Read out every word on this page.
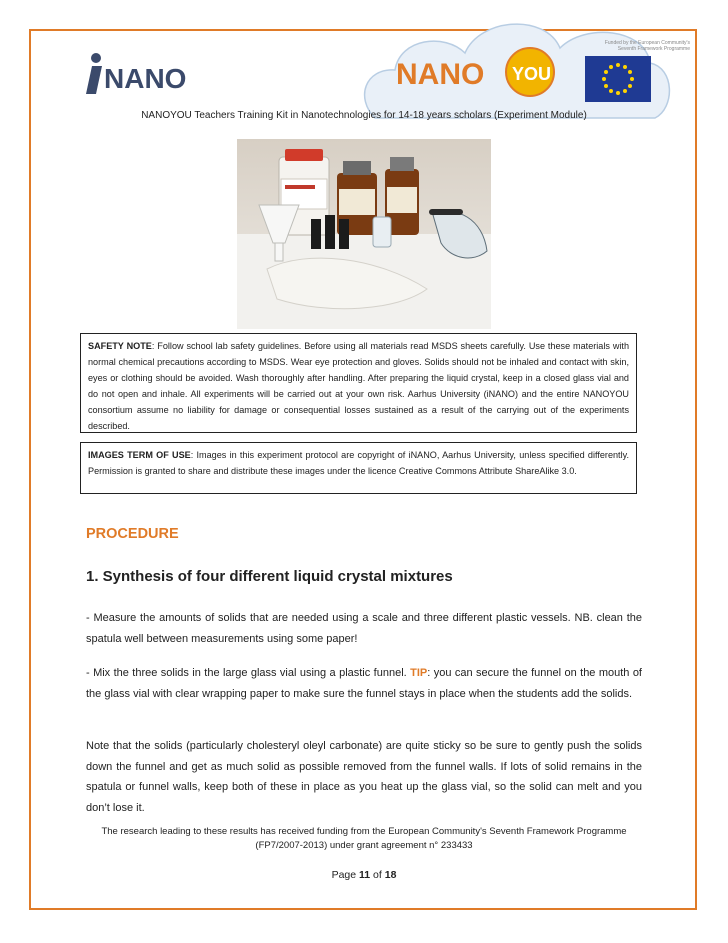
NANO	NANO YOU
Funded by the European Community's
Seventh Framework Programme
NANOYOU Teachers Training Kit in Nanotechnologies for 14-18 years scholars (Experiment Module)
SAFETY NOTE: Follow school lab safety guidelines. Before using all materials read MSDS sheets carefully. Use these materials with normal chemical precautions according to MSDS. Wear eye protection and gloves. Solids should not be inhaled and contact with skin, eyes or clothing should be avoided. Wash thoroughly after handling. After preparing the liquid crystal, keep in a closed glass vial and do not open and inhale. All experiments will be carried out at your own risk. Aarhus University (iNANO) and the entire NANOYOU consortium assume no liability for damage or consequential losses sustained as a result of the carrying out of the experiments described.
IMAGES TERM OF USE: Images in this experiment protocol are copyright of iNANO, Aarhus University, unless specified differently. Permission is granted to share and distribute these images under the licence Creative Commons Attribute ShareAlike 3.0.
PROCEDURE
1. Synthesis of four different liquid crystal mixtures
- Measure the amounts of solids that are needed using a scale and three different plastic vessels. NB. clean the spatula well between measurements using some paper!
- Mix the three solids in the large glass vial using a plastic funnel. TIP: you can secure the funnel on the mouth of the glass vial with clear wrapping paper to make sure the funnel stays in place when the students add the solids.
Note that the solids (particularly cholesteryl oleyl carbonate) are quite sticky so be sure to gently push the solids down the funnel and get as much solid as possible removed from the funnel walls. If lots of solid remains in the spatula or funnel walls, keep both of these in place as you heat up the glass vial, so the solid can melt and you don’t lose it.
The research leading to these results has received funding from the European Community's Seventh Framework Programme
(FP7/2007-2013) under grant agreement n° 233433
Page 11 of 18
